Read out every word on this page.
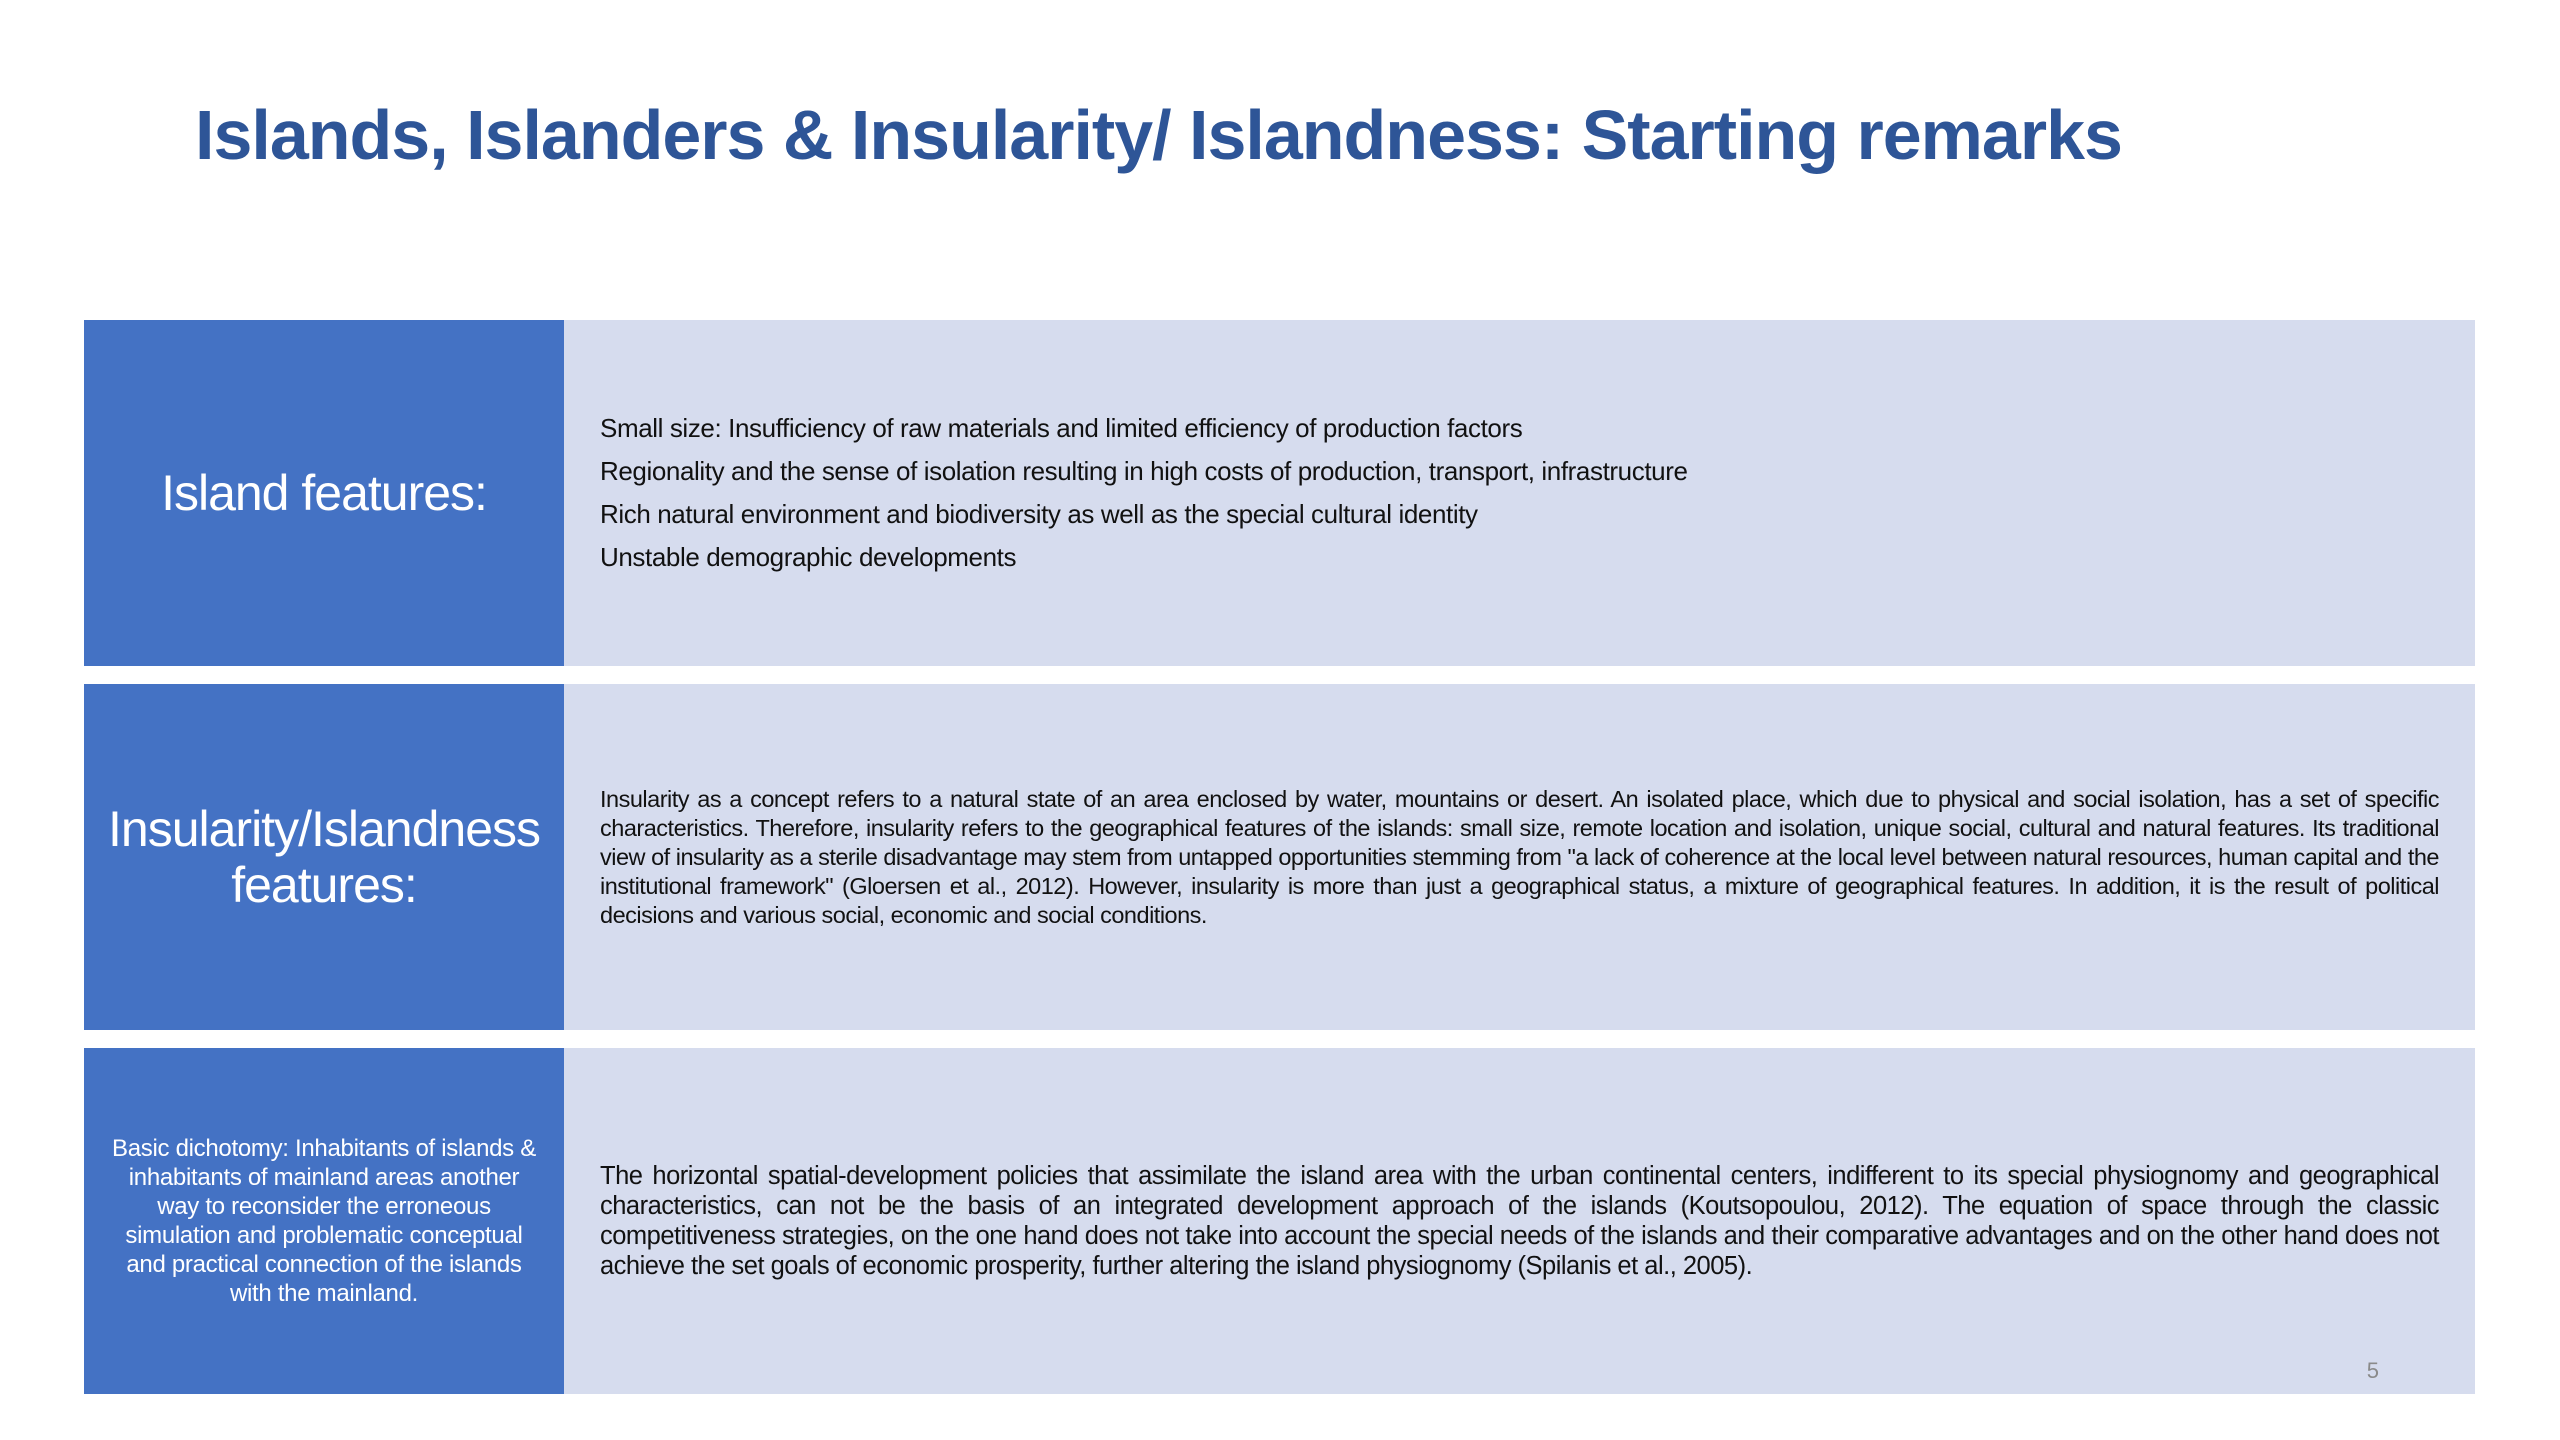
Islands, Islanders & Insularity/ Islandness: Starting remarks
Island features:
Small size: Insufficiency of raw materials and limited efficiency of production factors
Regionality and the sense of isolation resulting in high costs of production, transport, infrastructure
Rich natural environment and biodiversity as well as the special cultural identity
Unstable demographic developments
Insularity/Islandness features:

Insularity as a concept refers to a natural state of an area enclosed by water, mountains or desert. An isolated place, which due to physical and social isolation, has a set of specific characteristics. Therefore, insularity refers to the geographical features of the islands: small size, remote location and isolation, unique social, cultural and natural features. Its traditional view of insularity as a sterile disadvantage may stem from untapped opportunities stemming from "a lack of coherence at the local level between natural resources, human capital and the institutional framework" (Gloersen et al., 2012). However, insularity is more than just a geographical status, a mixture of geographical features. In addition, it is the result of political decisions and various social, economic and social conditions.

Basic dichotomy: Inhabitants of islands & inhabitants of mainland areas another way to reconsider the erroneous simulation and problematic conceptual and practical connection of the islands with the mainland.

The horizontal spatial-development policies that assimilate the island area with the urban continental centers, indifferent to its special physiognomy and geographical characteristics, can not be the basis of an integrated development approach of the islands (Koutsopoulou, 2012). The equation of space through the classic competitiveness strategies, on the one hand does not take into account the special needs of the islands and their comparative advantages and on the other hand does not achieve the set goals of economic prosperity, further altering the island physiognomy (Spilanis et al., 2005).

5
